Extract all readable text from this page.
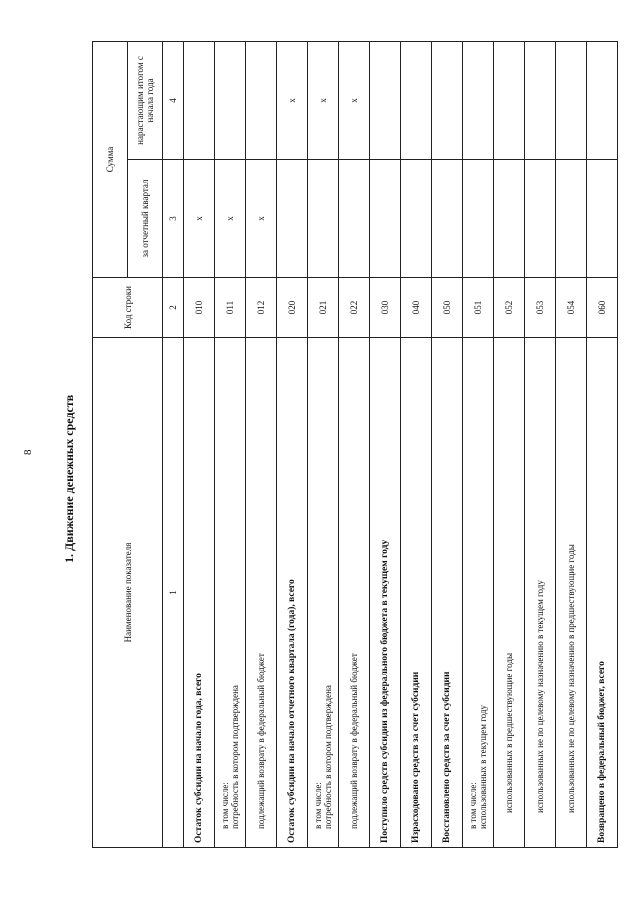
8 1. Движение денежных средств
Наименование показателя	Код строки	Сумма	
		за отчетный квартал	нарастающим итогом с начала года
1	2	3	4

Остаток субсидии на начало года, всего	010	x	

в том числе: потребность в котором подтверждена	011	x	

подлежащий возврату в федеральный бюджет	012	x	

Остаток субсидии на начало отчетного квартала (года), всего	020		x

в том числе: потребность в котором подтверждена	021		x

подлежащий возврату в федеральный бюджет	022		x

Поступило средств субсидии из федерального бюджета в текущем году	030		

Израсходовано средств за счет субсидии	040		

Восстановлено средств за счет субсидии	050		

в том числе: использованных в текущем году	051		

использованных в предшествующие годы	052		

использованных не по целевому назначению в текущем году	053		

использованных не по целевому назначению в предшествующие годы	054		

Возвращено в федеральный бюджет, всего	060		
